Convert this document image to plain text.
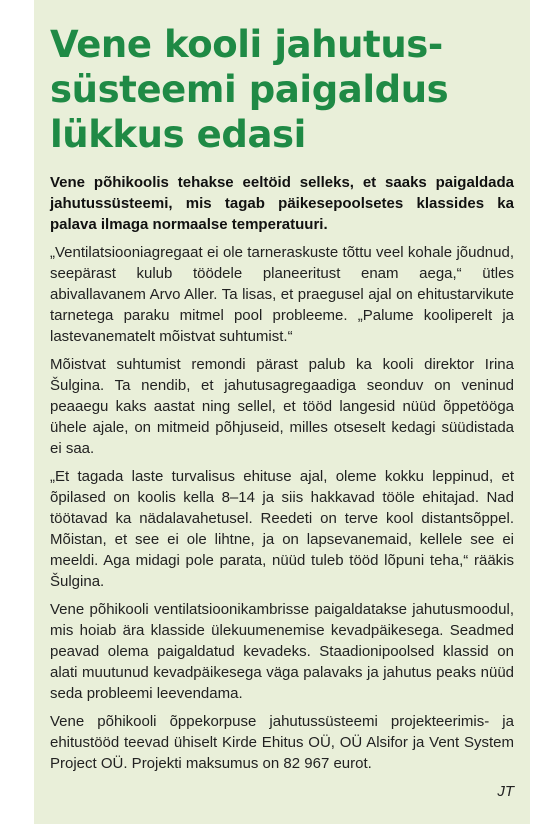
Vene kooli jahutus-süsteemi paigaldus lükkus edasi

Vene põhikoolis tehakse eeltöid selleks, et saaks paigaldada jahutussüsteemi, mis tagab päikesepoolsetes klassides ka palava ilmaga normaalse temperatuuri.

„Ventilatsiooniagregaat ei ole tarneraskuste tõttu veel kohale jõudnud, seepärast kulub töödele planeeritust enam aega,“ ütles abivallavanem Arvo Aller. Ta lisas, et praegusel ajal on ehitustarvikute tarnetega paraku mitmel pool probleeme. „Palume kooliperelt ja lastevanematelt mõistvat suhtumist.“

Mõistvat suhtumist remondi pärast palub ka kooli direktor Irina Šulgina. Ta nendib, et jahutusagregaadiga seonduv on veninud peaaegu kaks aastat ning sellel, et tööd langesid nüüd õppetööga ühele ajale, on mitmeid põhjuseid, milles otseselt kedagi süüdistada ei saa.

„Et tagada laste turvalisus ehituse ajal, oleme kokku leppinud, et õpilased on koolis kella 8–14 ja siis hakkavad tööle ehitajad. Nad töötavad ka nädalavahetusel. Reedeti on terve kool distantsõppel. Mõistan, et see ei ole lihtne, ja on lapsevanemaid, kellele see ei meeldi. Aga midagi pole parata, nüüd tuleb tööd lõpuni teha,“ rääkis Šulgina.

Vene põhikooli ventilatsioonikambrisse paigaldatakse jahutusmoodul, mis hoiab ära klasside ülekuumenemise kevadpäikesega. Seadmed peavad olema paigaldatud kevadeks. Staadionipoolsed klassid on alati muutunud kevadpäikesega väga palavaks ja jahutus peaks nüüd seda probleemi leevendama.

Vene põhikooli õppekorpuse jahutussüsteemi projekteerimis- ja ehitustööd teevad ühiselt Kirde Ehitus OÜ, OÜ Alsifor ja Vent System Project OÜ. Projekti maksumus on 82 967 eurot.

JT
